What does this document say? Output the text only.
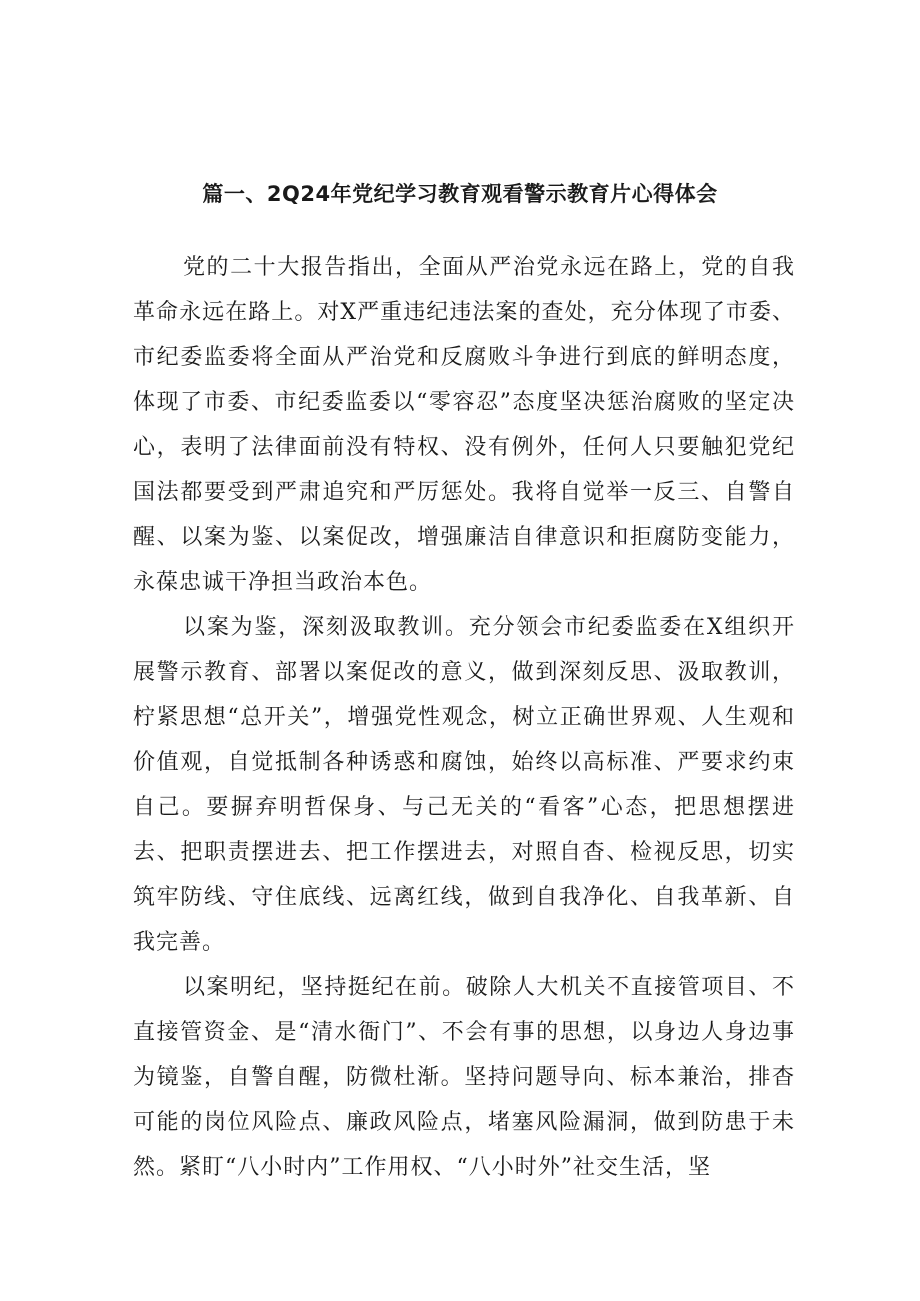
篇一、2Q24年党纪学习教育观看警示教育片心得体会

党的二十大报告指出，全面从严治党永远在路上，党的自我革命永远在路上。对X严重违纪违法案的查处，充分体现了市委、市纪委监委将全面从严治党和反腐败斗争进行到底的鲜明态度，体现了市委、市纪委监委以“零容忍”态度坚决惩治腐败的坚定决心，表明了法律面前没有特权、没有例外，任何人只要触犯党纪国法都要受到严肃追究和严厉惩处。我将自觉举一反三、自警自醒、以案为鉴、以案促改，增强廉洁自律意识和拒腐防变能力，永葆忠诚干净担当政治本色。

以案为鉴，深刻汲取教训。充分领会市纪委监委在X组织开展警示教育、部署以案促改的意义，做到深刻反思、汲取教训，柠紧思想“总开关”，增强党性观念，树立正确世界观、人生观和价值观，自觉抵制各种诱惑和腐蚀，始终以高标准、严要求约束自己。要摒弃明哲保身、与己无关的“看客”心态，把思想摆进去、把职责摆进去、把工作摆进去，对照自杳、检视反思，切实筑牢防线、守住底线、远离红线，做到自我净化、自我革新、自我完善。

以案明纪，坚持挺纪在前。破除人大机关不直接管项目、不直接管资金、是“清水衙门”、不会有事的思想，以身边人身边事为镜鉴，自警自醒，防微杜渐。坚持问题导向、标本兼治，排杳可能的岗位风险点、廉政风险点，堵塞风险漏洞，做到防患于未然。紧盯“八小时内”工作用权、“八小时外”社交生活，坚
